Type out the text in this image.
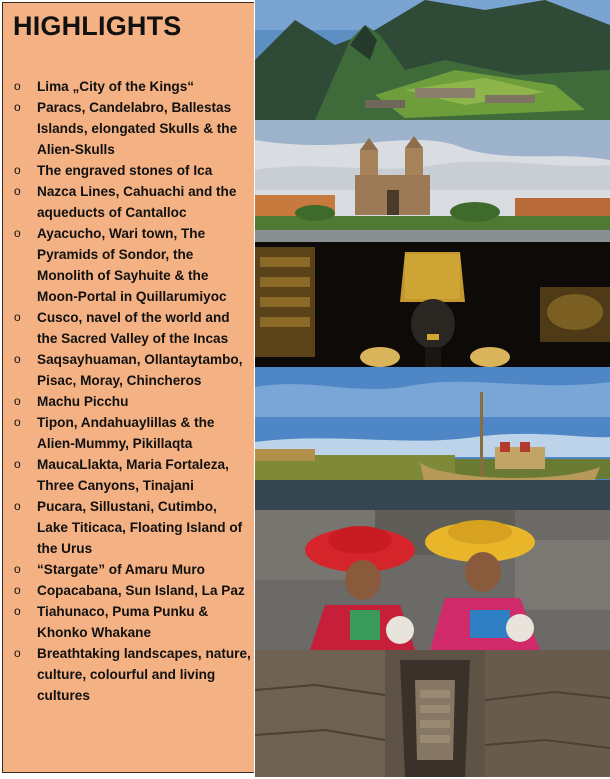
HIGHLIGHTS
o Lima „City of the Kings“
o Paracs, Candelabro, Ballestas Islands, elongated Skulls & the Alien-Skulls
o The engraved stones of Ica
o Nazca Lines, Cahuachi and the aqueducts of Cantalloc
o Ayacucho, Wari town, The Pyramids of Sondor, the Monolith of Sayhuite & the Moon-Portal in Quillarumiyoc
o Cusco, navel of the world and the Sacred Valley of the Incas
o Saqsayhuaman, Ollantaytambo, Pisac, Moray, Chincheros
o Machu Picchu
o Tipon, Andahuaylillas & the Alien-Mummy, Pikillaqta
o MaucaLlakta, Maria Fortaleza, Three Canyons, Tinajani
o Pucara, Sillustani, Cutimbo, Lake Titicaca, Floating Island of the Urus
o “Stargate” of Amaru Muro
o Copacabana, Sun Island, La Paz
o Tiahunaco, Puma Punku & Khonko Whakane
o Breathtaking landscapes, nature, culture, colourful and living cultures
